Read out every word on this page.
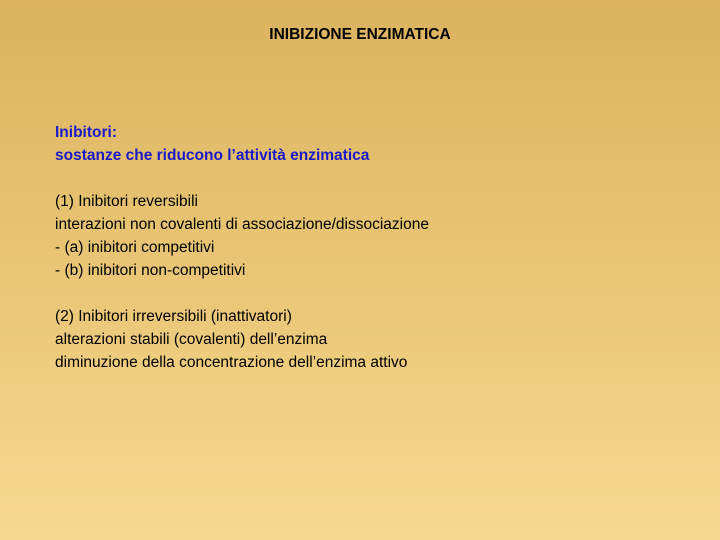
INIBIZIONE ENZIMATICA
Inibitori:
sostanze che riducono l’attività enzimatica
(1) Inibitori reversibili
interazioni non covalenti di associazione/dissociazione
- (a) inibitori competitivi
- (b) inibitori non-competitivi
(2) Inibitori irreversibili (inattivatori)
alterazioni stabili (covalenti) dell’enzima
diminuzione della concentrazione dell’enzima attivo
